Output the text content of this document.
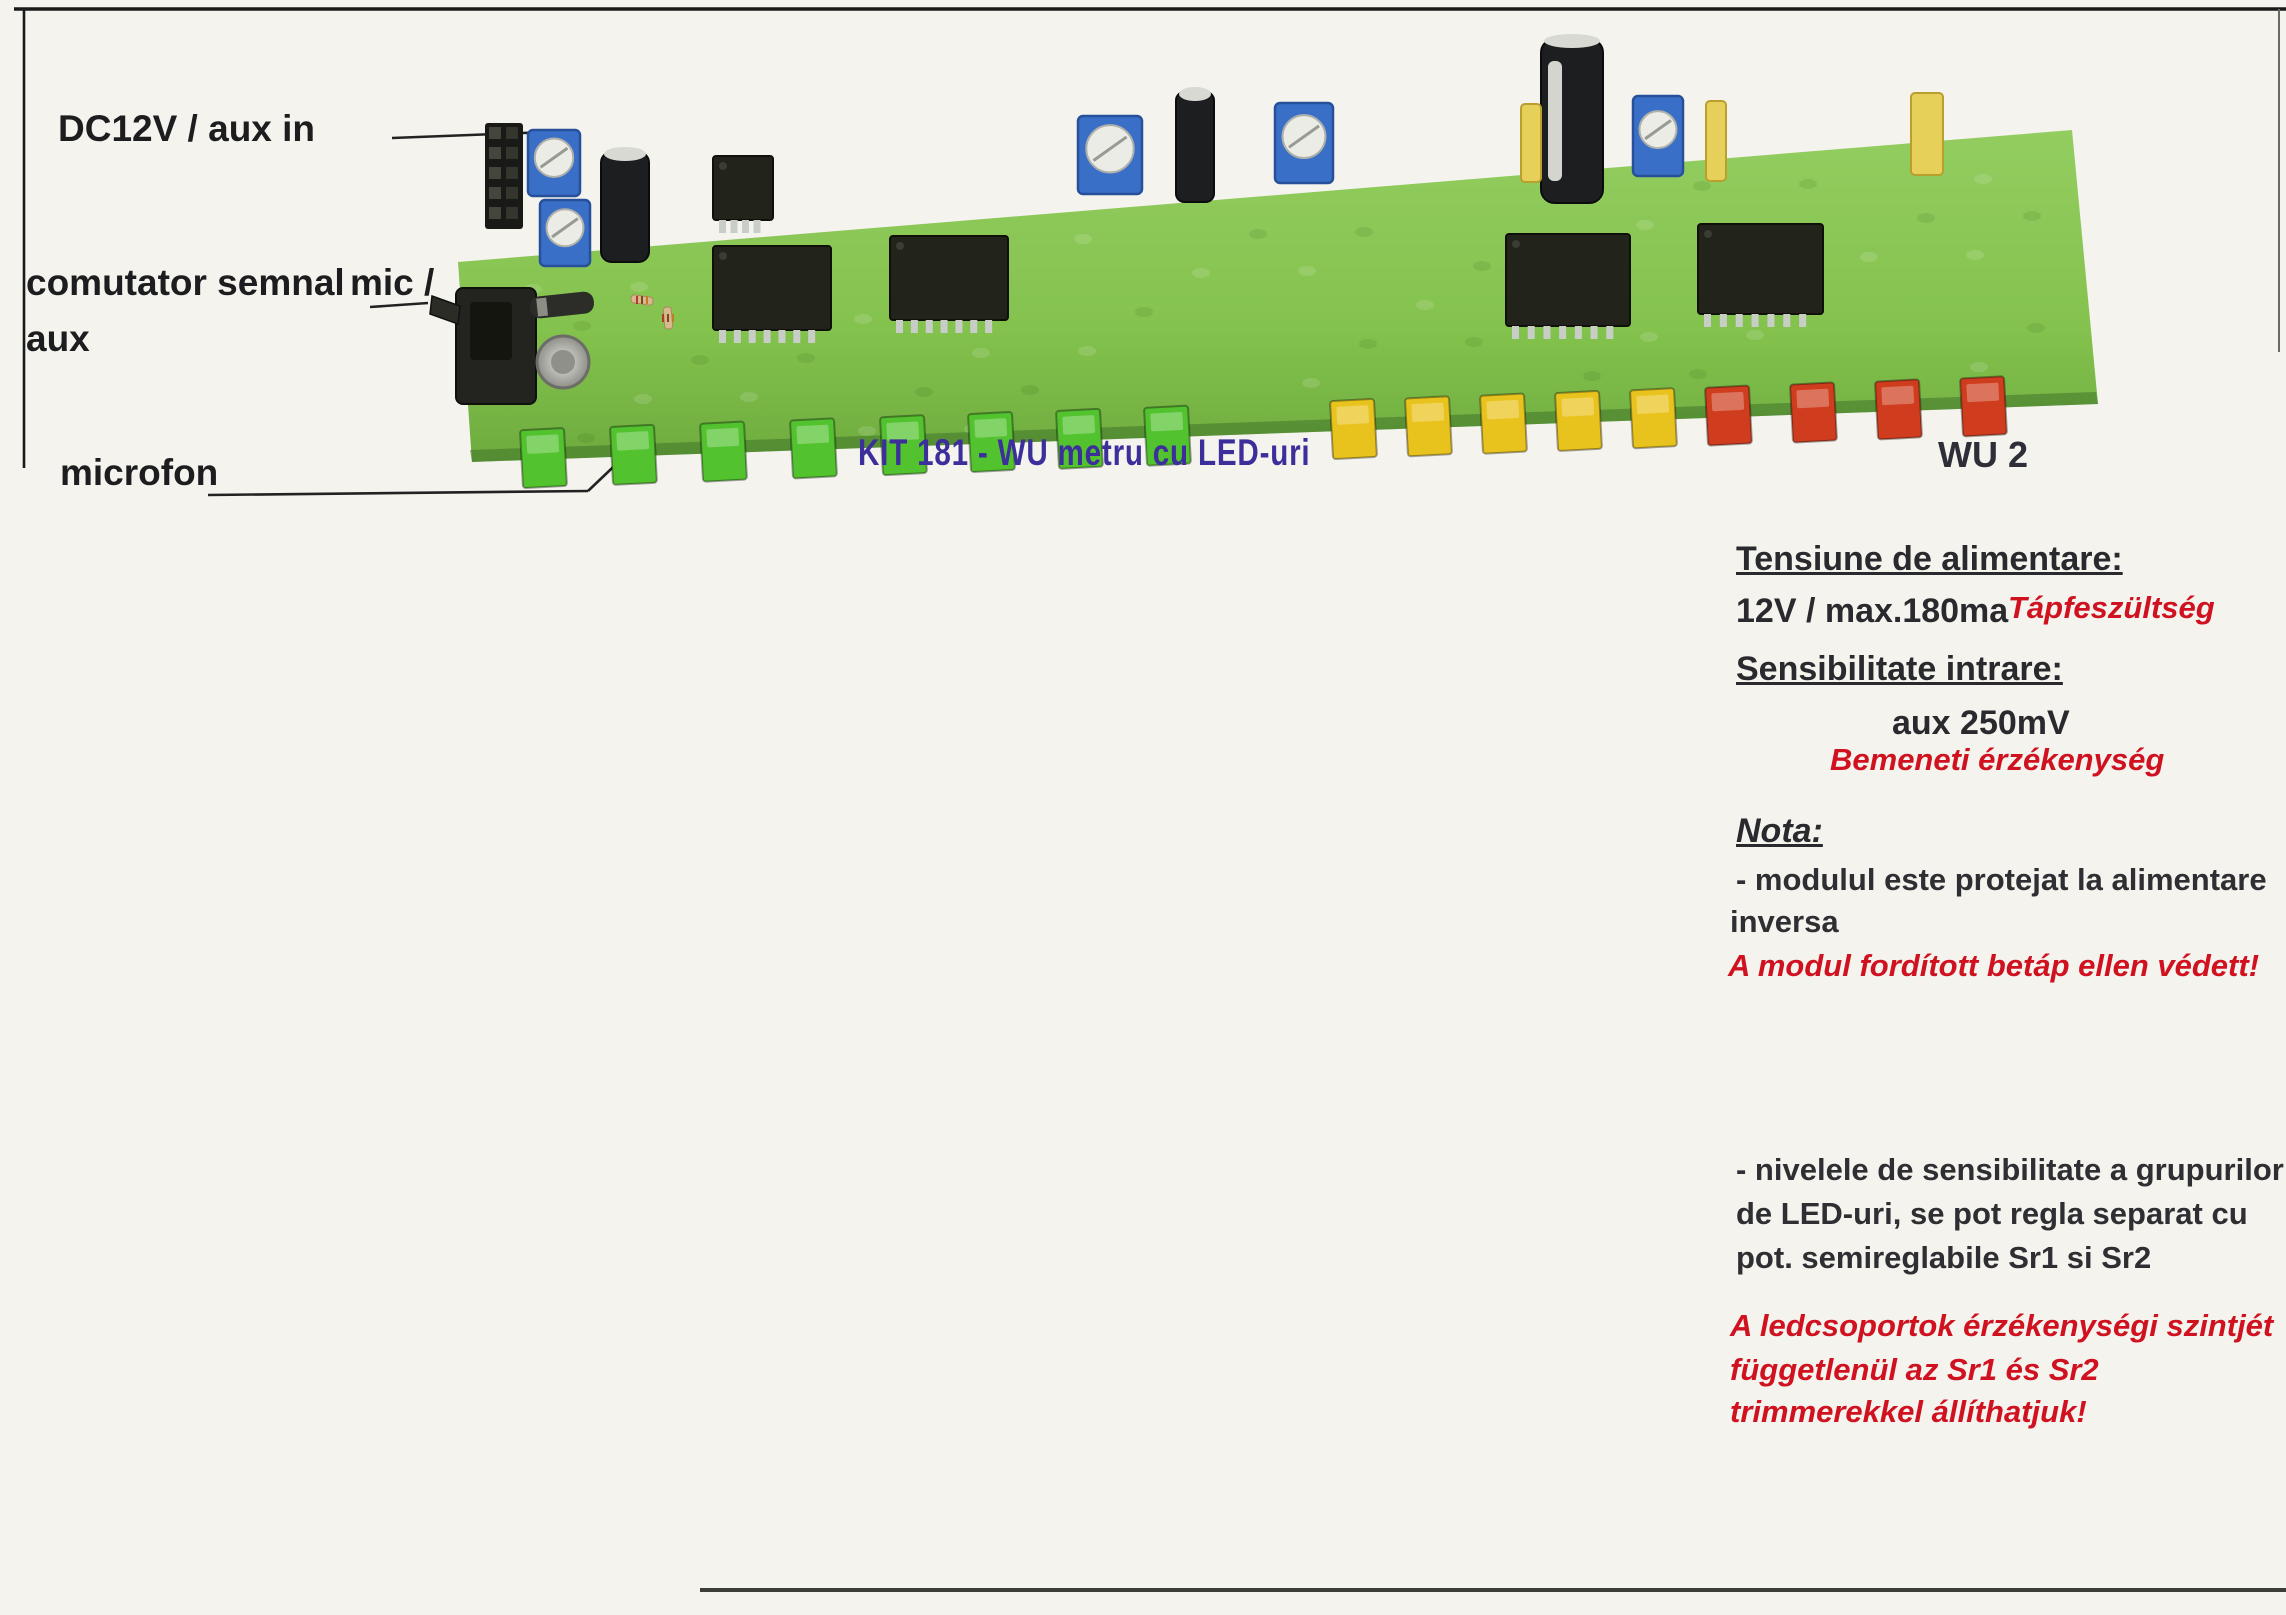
DC12V / aux in
comutator semnal mic /
aux
microfon	KIT 181 - WU metru cu LED-uri	WU 2
Tensiune de alimentare:
12V / max.180ma Tápfeszültség
Sensibilitate intrare:
aux 250mV
Bemeneti érzékenység
Nota:
- modulul este protejat la alimentare
inversa
A modul fordított betáp ellen védett!
- nivelele de sensibilitate a grupurilor
de LED-uri, se pot regla separat cu
pot. semireglabile Sr1 si Sr2
A ledcsoportok érzékenységi szintjét
függetlenül az Sr1 és Sr2
trimmerekkel állíthatjuk!
